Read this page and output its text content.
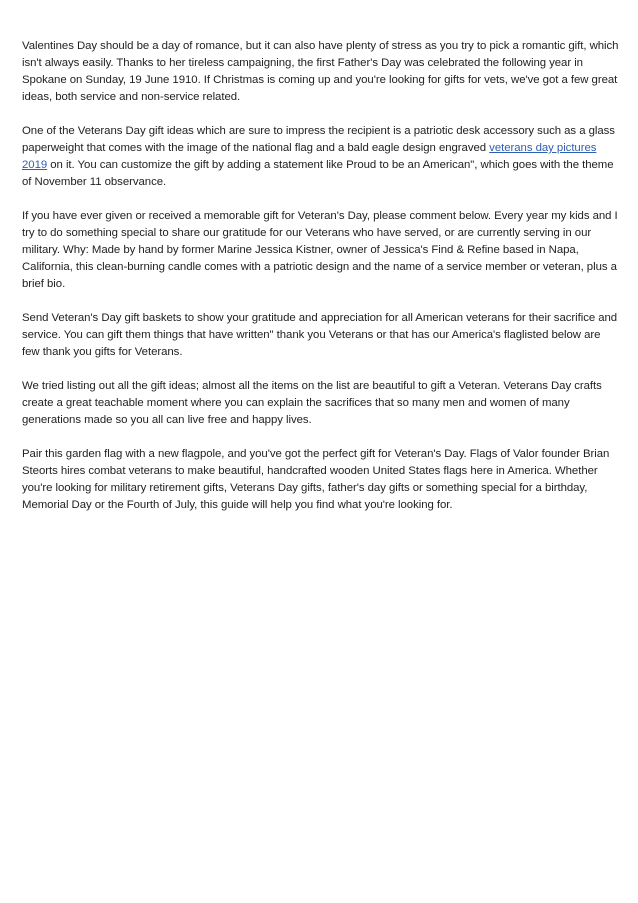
Valentines Day should be a day of romance, but it can also have plenty of stress as you try to pick a romantic gift, which isn't always easily. Thanks to her tireless campaigning, the first Father's Day was celebrated the following year in Spokane on Sunday, 19 June 1910. If Christmas is coming up and you're looking for gifts for vets, we've got a few great ideas, both service and non-service related.

One of the Veterans Day gift ideas which are sure to impress the recipient is a patriotic desk accessory such as a glass paperweight that comes with the image of the national flag and a bald eagle design engraved veterans day pictures 2019 on it. You can customize the gift by adding a statement like Proud to be an American", which goes with the theme of November 11 observance.

If you have ever given or received a memorable gift for Veteran's Day, please comment below. Every year my kids and I try to do something special to share our gratitude for our Veterans who have served, or are currently serving in our military. Why: Made by hand by former Marine Jessica Kistner, owner of Jessica's Find & Refine based in Napa, California, this clean-burning candle comes with a patriotic design and the name of a service member or veteran, plus a brief bio.

Send Veteran's Day gift baskets to show your gratitude and appreciation for all American veterans for their sacrifice and service. You can gift them things that have written" thank you Veterans or that has our America's flaglisted below are few thank you gifts for Veterans.

We tried listing out all the gift ideas; almost all the items on the list are beautiful to gift a Veteran. Veterans Day crafts create a great teachable moment where you can explain the sacrifices that so many men and women of many generations made so you all can live free and happy lives.

Pair this garden flag with a new flagpole, and you've got the perfect gift for Veteran's Day. Flags of Valor founder Brian Steorts hires combat veterans to make beautiful, handcrafted wooden United States flags here in America. Whether you're looking for military retirement gifts, Veterans Day gifts, father's day gifts or something special for a birthday, Memorial Day or the Fourth of July, this guide will help you find what you're looking for.
